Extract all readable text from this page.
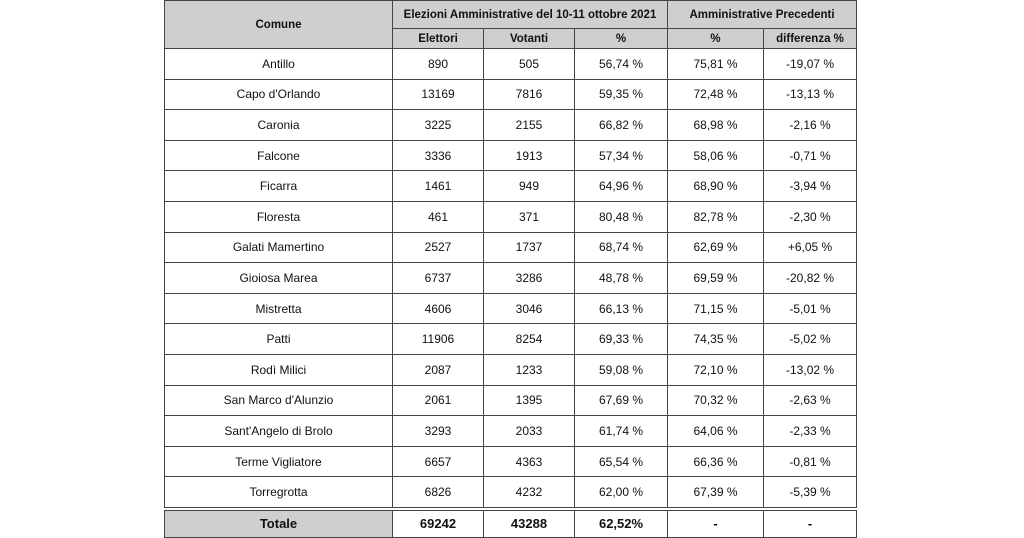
Comune	Elezioni Amministrative del 10-11 ottobre 2021			Amministrative Precedenti	
	Elettori	Votanti	%	%	differenza %
Antillo	890	505	56,74 %	75,81 %	-19,07 %
Capo d'Orlando	13169	7816	59,35 %	72,48 %	-13,13 %
Caronia	3225	2155	66,82 %	68,98 %	-2,16 %
Falcone	3336	1913	57,34 %	58,06 %	-0,71 %
Ficarra	1461	949	64,96 %	68,90 %	-3,94 %
Floresta	461	371	80,48 %	82,78 %	-2,30 %
Galati Mamertino	2527	1737	68,74 %	62,69 %	+6,05 %
Gioiosa Marea	6737	3286	48,78 %	69,59 %	-20,82 %
Mistretta	4606	3046	66,13 %	71,15 %	-5,01 %
Patti	11906	8254	69,33 %	74,35 %	-5,02 %
Rodì Milici	2087	1233	59,08 %	72,10 %	-13,02 %
San Marco d'Alunzio	2061	1395	67,69 %	70,32 %	-2,63 %
Sant'Angelo di Brolo	3293	2033	61,74 %	64,06 %	-2,33 %
Terme Vigliatore	6657	4363	65,54 %	66,36 %	-0,81 %
Torregrotta	6826	4232	62,00 %	67,39 %	-5,39 %

Totale	69242	43288	62,52%	-	-
